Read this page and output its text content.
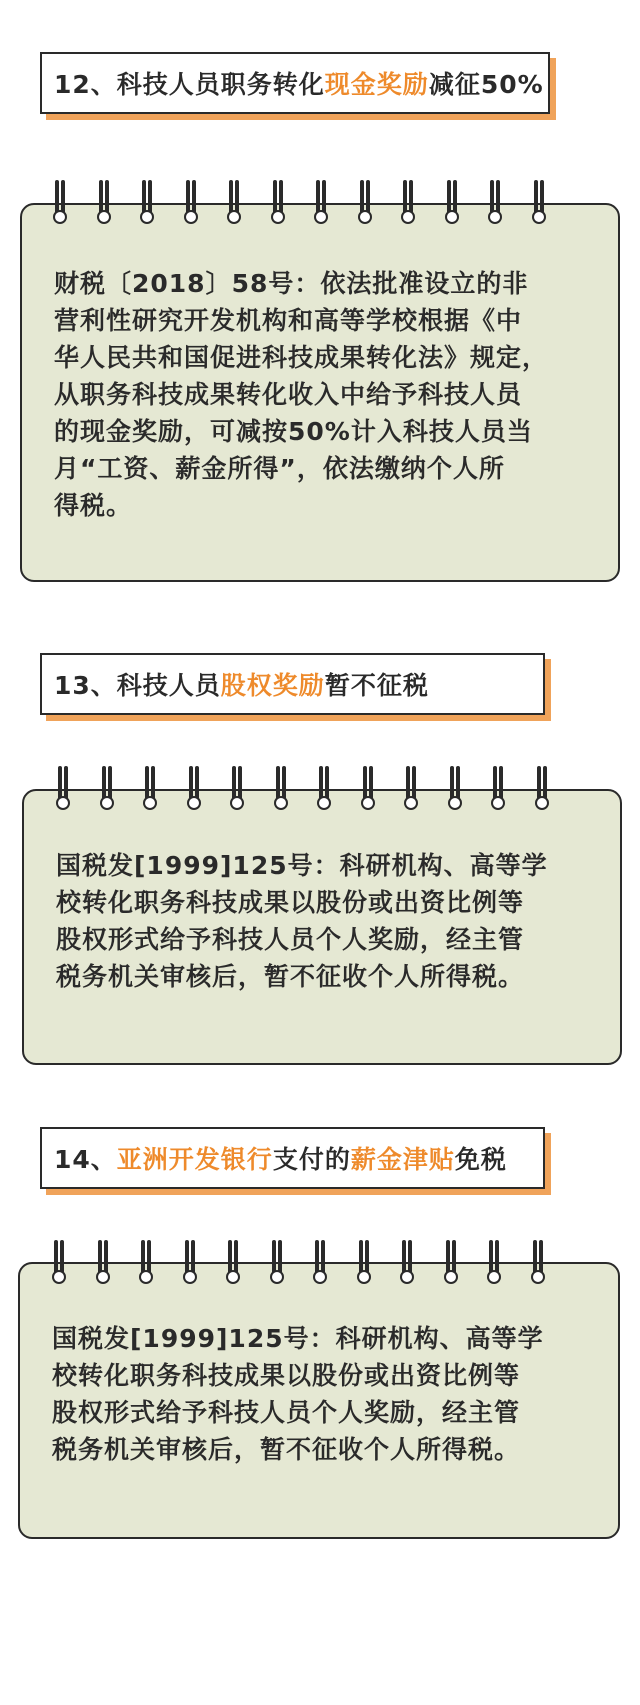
12、科技人员职务转化 现金奖励 减征50%
财税〔2018〕58号：依法批准设立的非
营利性研究开发机构和高等学校根据《中
华人民共和国促进科技成果转化法》规定，
从职务科技成果转化收入中给予科技人员
的现金奖励，可减按50%计入科技人员当
月“工资、薪金所得”，依法缴纳个人所
得税。
13、科技人员 股权奖励 暂不征税
国税发[1999]125号：科研机构、高等学
校转化职务科技成果以股份或出资比例等
股权形式给予科技人员个人奖励，经主管
税务机关审核后，暂不征收个人所得税。
14、 亚洲开发银行 支付的 薪金津贴 免税
国税发[1999]125号：科研机构、高等学
校转化职务科技成果以股份或出资比例等
股权形式给予科技人员个人奖励，经主管
税务机关审核后，暂不征收个人所得税。
